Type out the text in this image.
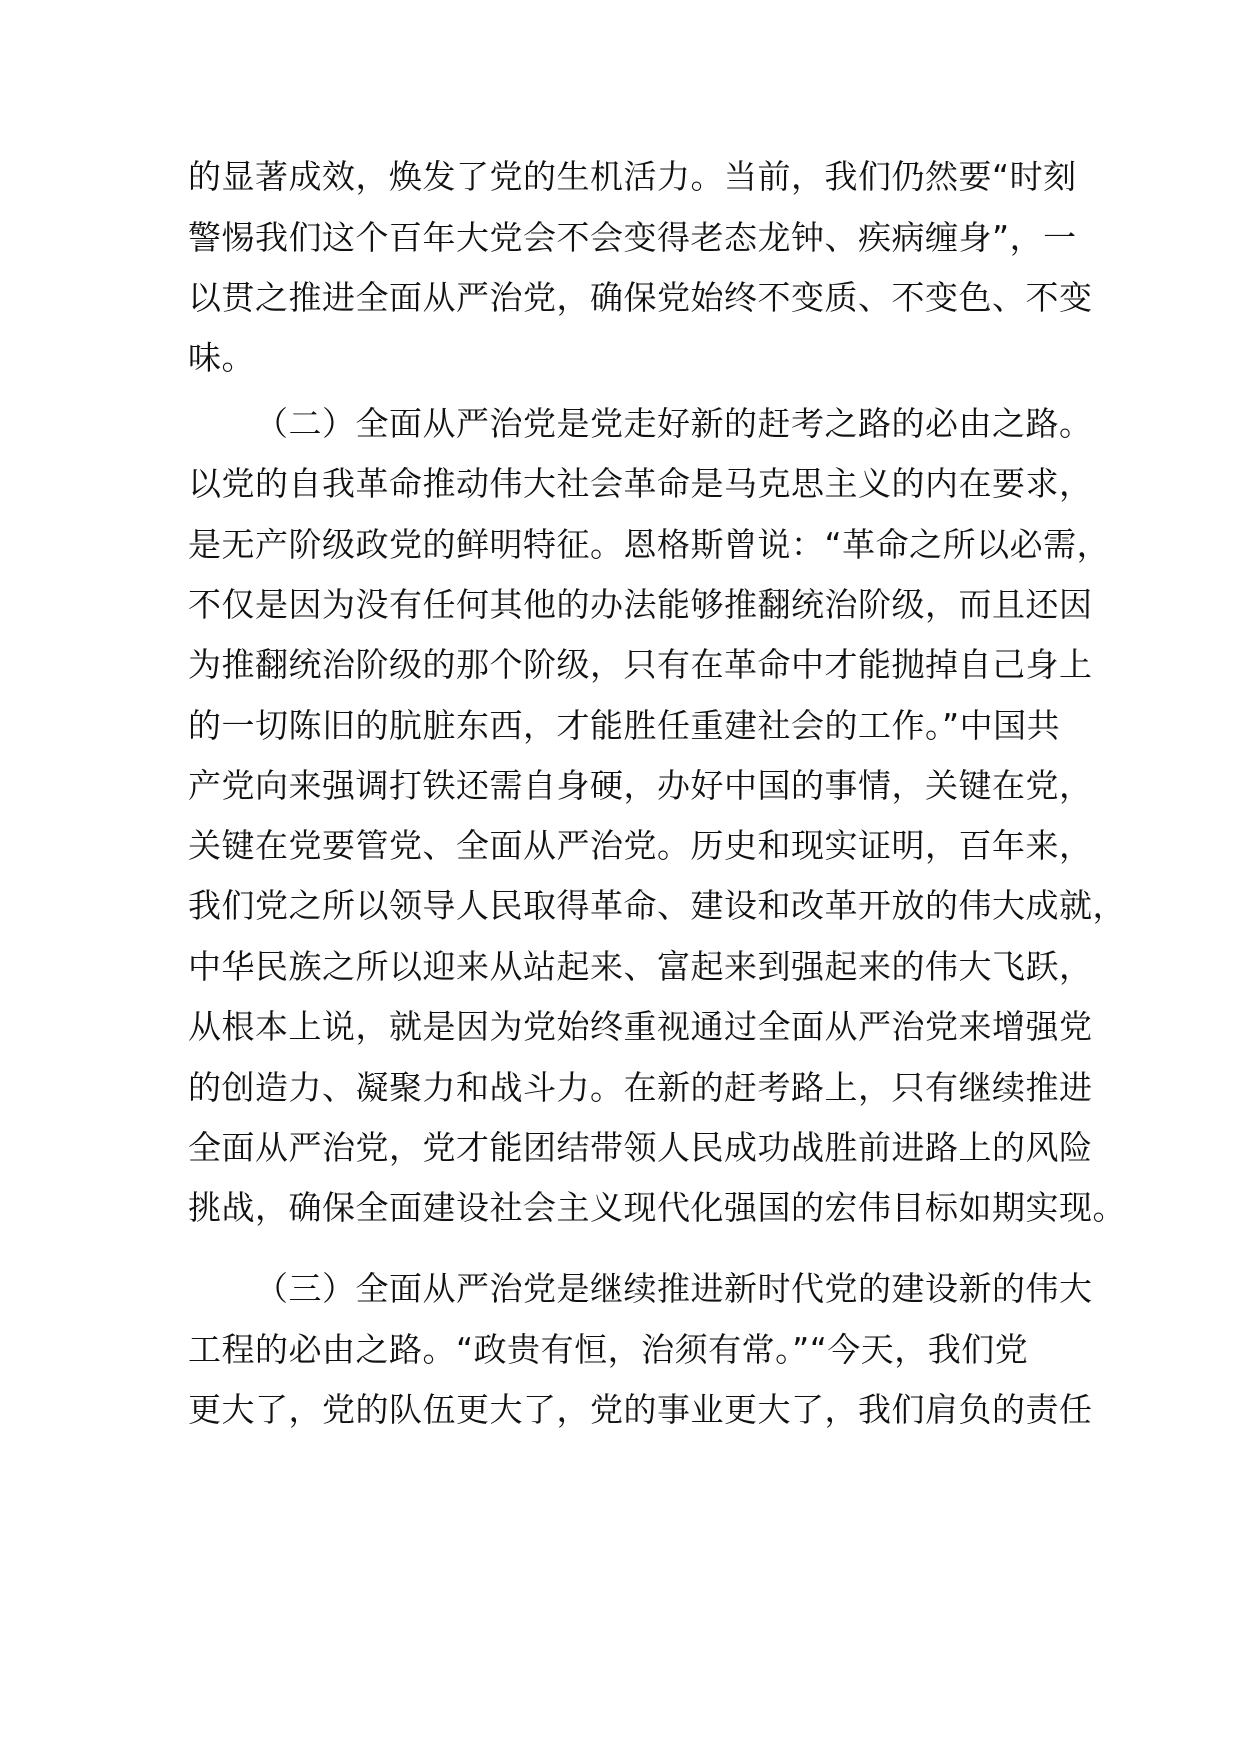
的显著成效，焕发了党的生机活力。当前，我们仍然要“时刻
警惕我们这个百年大党会不会变得老态龙钟、疾病缠身”，一
以贯之推进全面从严治党，确保党始终不变质、不变色、不变
味。
（二）全面从严治党是党走好新的赶考之路的必由之路。
以党的自我革命推动伟大社会革命是马克思主义的内在要求，
是无产阶级政党的鲜明特征。恩格斯曾说：“革命之所以必需，
不仅是因为没有任何其他的办法能够推翻统治阶级，而且还因
为推翻统治阶级的那个阶级，只有在革命中才能抛掉自己身上
的一切陈旧的肮脏东西，才能胜任重建社会的工作。”中国共
产党向来强调打铁还需自身硬，办好中国的事情，关键在党，
关键在党要管党、全面从严治党。历史和现实证明，百年来，
我们党之所以领导人民取得革命、建设和改革开放的伟大成就，
中华民族之所以迎来从站起来、富起来到强起来的伟大飞跃，
从根本上说，就是因为党始终重视通过全面从严治党来增强党
的创造力、凝聚力和战斗力。在新的赶考路上，只有继续推进
全面从严治党，党才能团结带领人民成功战胜前进路上的风险
挑战，确保全面建设社会主义现代化强国的宏伟目标如期实现。
（三）全面从严治党是继续推进新时代党的建设新的伟大
工程的必由之路。“政贵有恒，治须有常。”“今天，我们党
更大了，党的队伍更大了，党的事业更大了，我们肩负的责任
